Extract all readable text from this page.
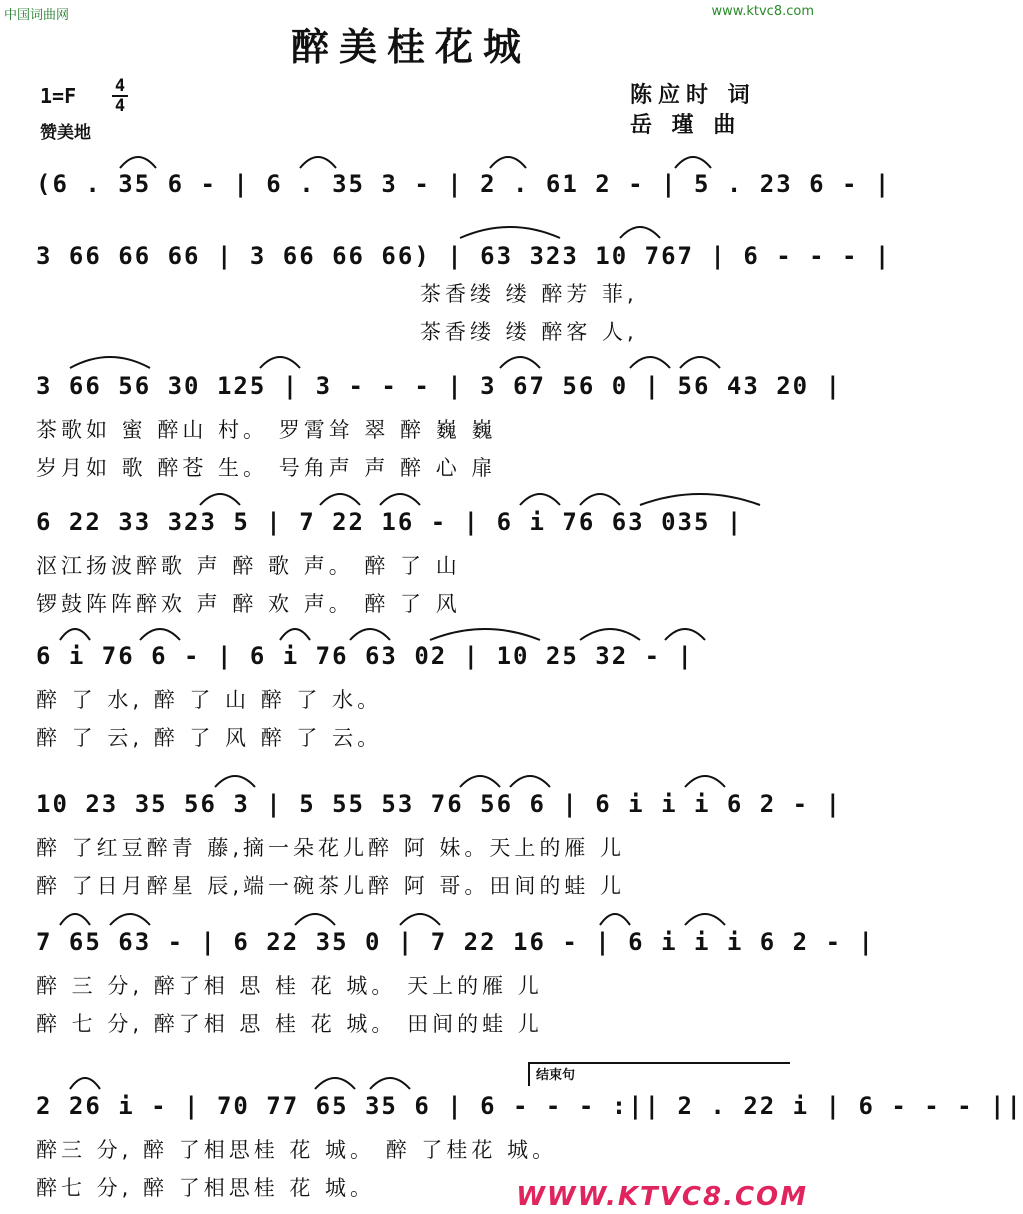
中国词曲网	www.ktvc8.com
醉美桂花城
1=F 4
4
赞美地
陈应时 词
岳 瑾 曲
(6 . 35 6 - | 6 . 35 3 - | 2 . 61 2 - | 5 . 23 6 - |
3 66 66 66 | 3 66 66 66) | 63 323 10 767 | 6 - - - |
茶香缕 缕 醉芳 菲,
茶香缕 缕 醉客 人,
3 66 56 30 125 | 3 - - - | 3 67 56 0 | 56 43 20 |
茶歌如 蜜 醉山 村。 罗霄耸 翠 醉 巍 巍
岁月如 歌 醉苍 生。 号角声 声 醉 心 扉
6 22 33 323 5 | 7 22 16 - | 6 i 76 63 035 |
沤江扬波醉歌 声 醉 歌 声。 醉 了 山
锣鼓阵阵醉欢 声 醉 欢 声。 醉 了 风
6 i 76 6 - | 6 i 76 63 02 | 10 25 32 - |
醉 了 水, 醉 了 山 醉 了 水。
醉 了 云, 醉 了 风 醉 了 云。
10 23 35 56 3 | 5 55 53 76 56 6 | 6 i i i 6 2 - |
醉 了红豆醉青 藤,摘一朵花儿醉 阿 妹。天上的雁 儿
醉 了日月醉星 辰,端一碗茶儿醉 阿 哥。田间的蛙 儿
7 65 63 - | 6 22 35 0 | 7 22 16 - | 6 i i i 6 2 - |
醉 三 分, 醉了相 思 桂 花 城。 天上的雁 儿
醉 七 分, 醉了相 思 桂 花 城。 田间的蛙 儿
2 26 i - | 70 77 65 35 6 | 6 - - - :|| 2 . 22 i | 6 - - - ||
醉三 分, 醉 了相思桂 花 城。 醉 了桂花 城。
醉七 分, 醉 了相思桂 花 城。
结束句
WWW.KTVC8.COM
